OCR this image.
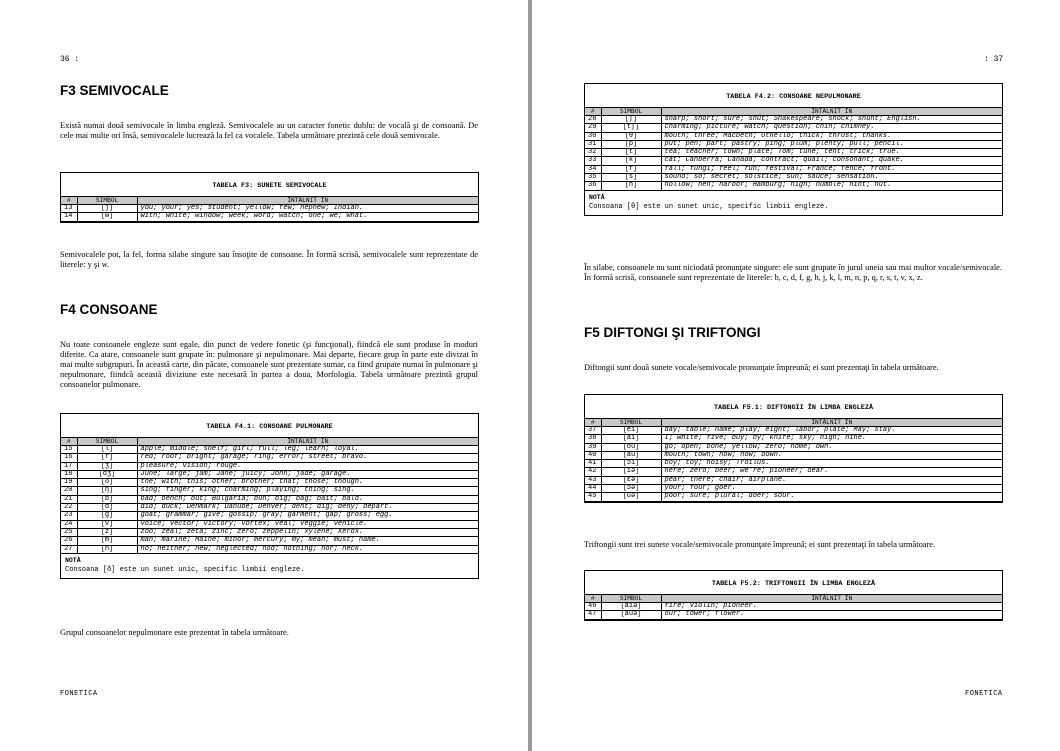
36 :
F3 SEMIVOCALE

Există numai două semivocale în limba engleză. Semivocalele au un caracter fonetic dublu: de vocală şi de consoană. De cele mai multe ori însă, semivocalele lucrează la fel ca vocalele. Tabela următoare prezintă cele două semivocale.

TABELA F3: SUNETE SEMIVOCALE
#	SIMBOL	ÎNTÂLNIT ÎN
13	[j]	you; your; yes; student; yellow; few; nephew; Indian.
14	[w]	with; white; window; week; word; watch; one; we; what.

Semivocalele pot, la fel, forma silabe singure sau însoţite de consoane. În formă scrisă, semivocalele sunt reprezentate de literele: y şi w.

F4 CONSOANE

Nu toate consoanele engleze sunt egale, din punct de vedere fonetic (şi funcţional), fiindcă ele sunt produse în moduri diferite. Ca atare, consoanele sunt grupate în: pulmonare şi nepulmonare. Mai departe, fiecare grup în parte este divizat în mai multe subgrupuri. În această carte, din păcate, consoanele sunt prezentate sumar, ca fiind grupate numai în pulmonare şi nepulmonare, fiindcă această diviziune este necesară în partea a doua, Morfologia. Tabela următoare prezintă grupul consoanelor pulmonare.

TABELA F4.1: CONSOANE PULMONARE
#	SIMBOL	ÎNTÂLNIT ÎN
15	[l]	apple; middle; shelf; girl; full; leg; learn; loyal.
16	[r]	red; roof; bright; garage; ring; error; street; bravo.
17	[ʒ]	pleasure; vision; rouge.
18	[dʒ]	June; large; jam; Jane; juicy; John; jade; garage.
19	[ð]	the; with; this; other; brother; that; those; though.
20	[ŋ]	sing; finger; king; charming; playing; thing; sing.
21	[b]	bad; bench; but; Bulgaria; bun; big; bag; bait; bald.
22	[d]	did; duck; Denmark; Danube; Denver; dent; dig; deny; depart.
23	[g]	goat; grammar; give; gossip; gray; garment; gap; gross; egg.
24	[v]	voice; vector; victory; vortex; veal; veggie; vehicle.
25	[z]	zoo; zeal; zeta; zinc; zero; zeppelin; xylene; Xerox.
26	[m]	man; marine; Maine; minor; mercury; my; mean; must; name.
27	[n]	no; neither; new; neglected; nod; nothing; nor; neck.
NOTĂ
Consoana [ð] este un sunet unic, specific limbii engleze.

Grupul consoanelor nepulmonare este prezentat în tabela următoare.

FONETICA
: 37
TABELA F4.2: CONSOANE NEPULMONARE
#	SIMBOL	ÎNTÂLNIT ÎN
28	[ʃ]	sharp; short; sure; shut; Shakespeare; shock; shunt; English.
29	[tʃ]	charming; picture; watch; question; chin; chimney.
30	[θ]	mouth; three; Macbeth; Othello; thick; thrust; thanks.
31	[p]	put; pen; part; pastry; ping; plum; plenty; pull; pencil.
32	[t]	tea; teacher; town; plate; Tom; tune; tent; trick; true.
33	[k]	cat; Canberra; Canada; contract; quail; consonant; quake.
34	[f]	fall; fungi; feel; fun; festival; France; fence; front.
35	[s]	sound; so; secret; solstice; sun; sauce; sensation.
36	[h]	hollow; hen; harbor; Hamburg; high; humble; hint; hut.
NOTĂ
Consoana [θ] este un sunet unic, specific limbii engleze.

În silabe, consoanele nu sunt niciodată pronunţate singure: ele sunt grupate în jurul uneia sau mai multor vocale/semivocale. În formă scrisă, consoanele sunt reprezentate de literele: b, c, d, f, g, h, j, k, l, m, n, p, q, r, s, t, v, x, z.

F5 DIFTONGI ŞI TRIFTONGI

Diftongii sunt două sunete vocale/semivocale pronunţate împreună; ei sunt prezentaţi în tabela următoare.

TABELA F5.1: DIFTONGII ÎN LIMBA ENGLEZĂ
#	SIMBOL	ÎNTÂLNIT ÎN
37	[ei]	day; table; name; play; eight; labor; plate; May; stay.
38	[ai]	I; white; five; buy; by; knife; sky; high; nine.
39	[ou]	go; open; bone; yellow; zero; home; own.
40	[au]	mouth; town; how; now; down.
41	[ɔi]	boy; toy; noisy; Troilus.
42	[iə]	here; zero; beer; we're; pioneer; dear.
43	[εə]	pear; there; chair; airplane.
44	[ɔə]	your; four; goer.
45	[uə]	poor; sure; plural; doer; sour.

Triftongii sunt trei sunete vocale/semivocale pronunţate împreună; ei sunt prezentaţi în tabela următoare.

TABELA F5.2: TRIFTONGII ÎN LIMBA ENGLEZĂ
#	SIMBOL	ÎNTÂLNIT ÎN
46	[aiə]	fire; violin; pioneer.
47	[auə]	our; tower; flower.
FONETICA
